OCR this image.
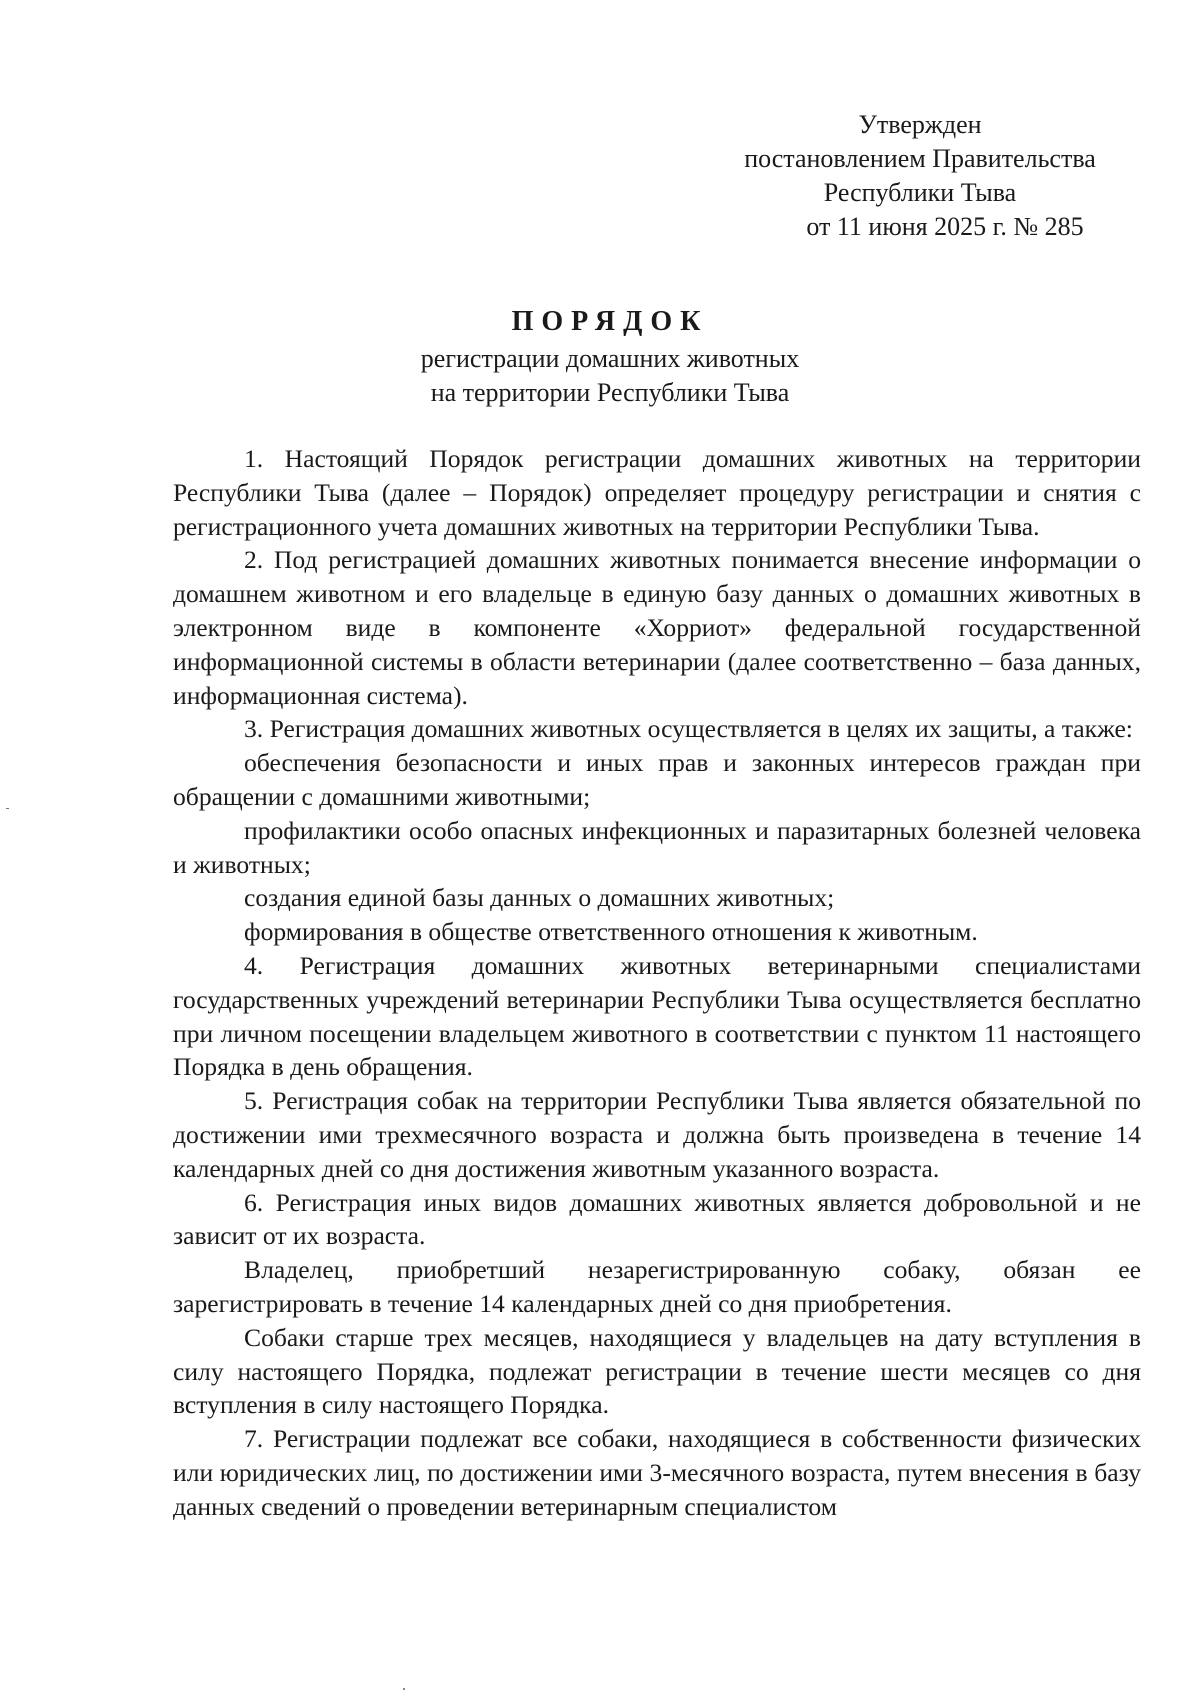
Утвержден
постановлением Правительства
Республики Тыва
от 11 июня 2025 г. № 285
ПОРЯДОК
регистрации домашних животных
на территории Республики Тыва

1. Настоящий Порядок регистрации домашних животных на территории Республики Тыва (далее – Порядок) определяет процедуру регистрации и снятия с регистрационного учета домашних животных на территории Республики Тыва.

2. Под регистрацией домашних животных понимается внесение информации о домашнем животном и его владельце в единую базу данных о домашних животных в электронном виде в компоненте «Хорриот» федеральной государственной информационной системы в области ветеринарии (далее соответственно – база данных, информационная система).

3. Регистрация домашних животных осуществляется в целях их защиты, а также:

обеспечения безопасности и иных прав и законных интересов граждан при обращении с домашними животными;

профилактики особо опасных инфекционных и паразитарных болезней человека и животных;

создания единой базы данных о домашних животных;

формирования в обществе ответственного отношения к животным.

4. Регистрация домашних животных ветеринарными специалистами государственных учреждений ветеринарии Республики Тыва осуществляется бесплатно при личном посещении владельцем животного в соответствии с пунктом 11 настоящего Порядка в день обращения.

5. Регистрация собак на территории Республики Тыва является обязательной по достижении ими трехмесячного возраста и должна быть произведена в течение 14 календарных дней со дня достижения животным указанного возраста.

6. Регистрация иных видов домашних животных является добровольной и не зависит от их возраста.

Владелец, приобретший незарегистрированную собаку, обязан ее зарегистрировать в течение 14 календарных дней со дня приобретения.

Собаки старше трех месяцев, находящиеся у владельцев на дату вступления в силу настоящего Порядка, подлежат регистрации в течение шести месяцев со дня вступления в силу настоящего Порядка.

7. Регистрации подлежат все собаки, находящиеся в собственности физических или юридических лиц, по достижении ими 3-месячного возраста, путем внесения в базу данных сведений о проведении ветеринарным специалистом
